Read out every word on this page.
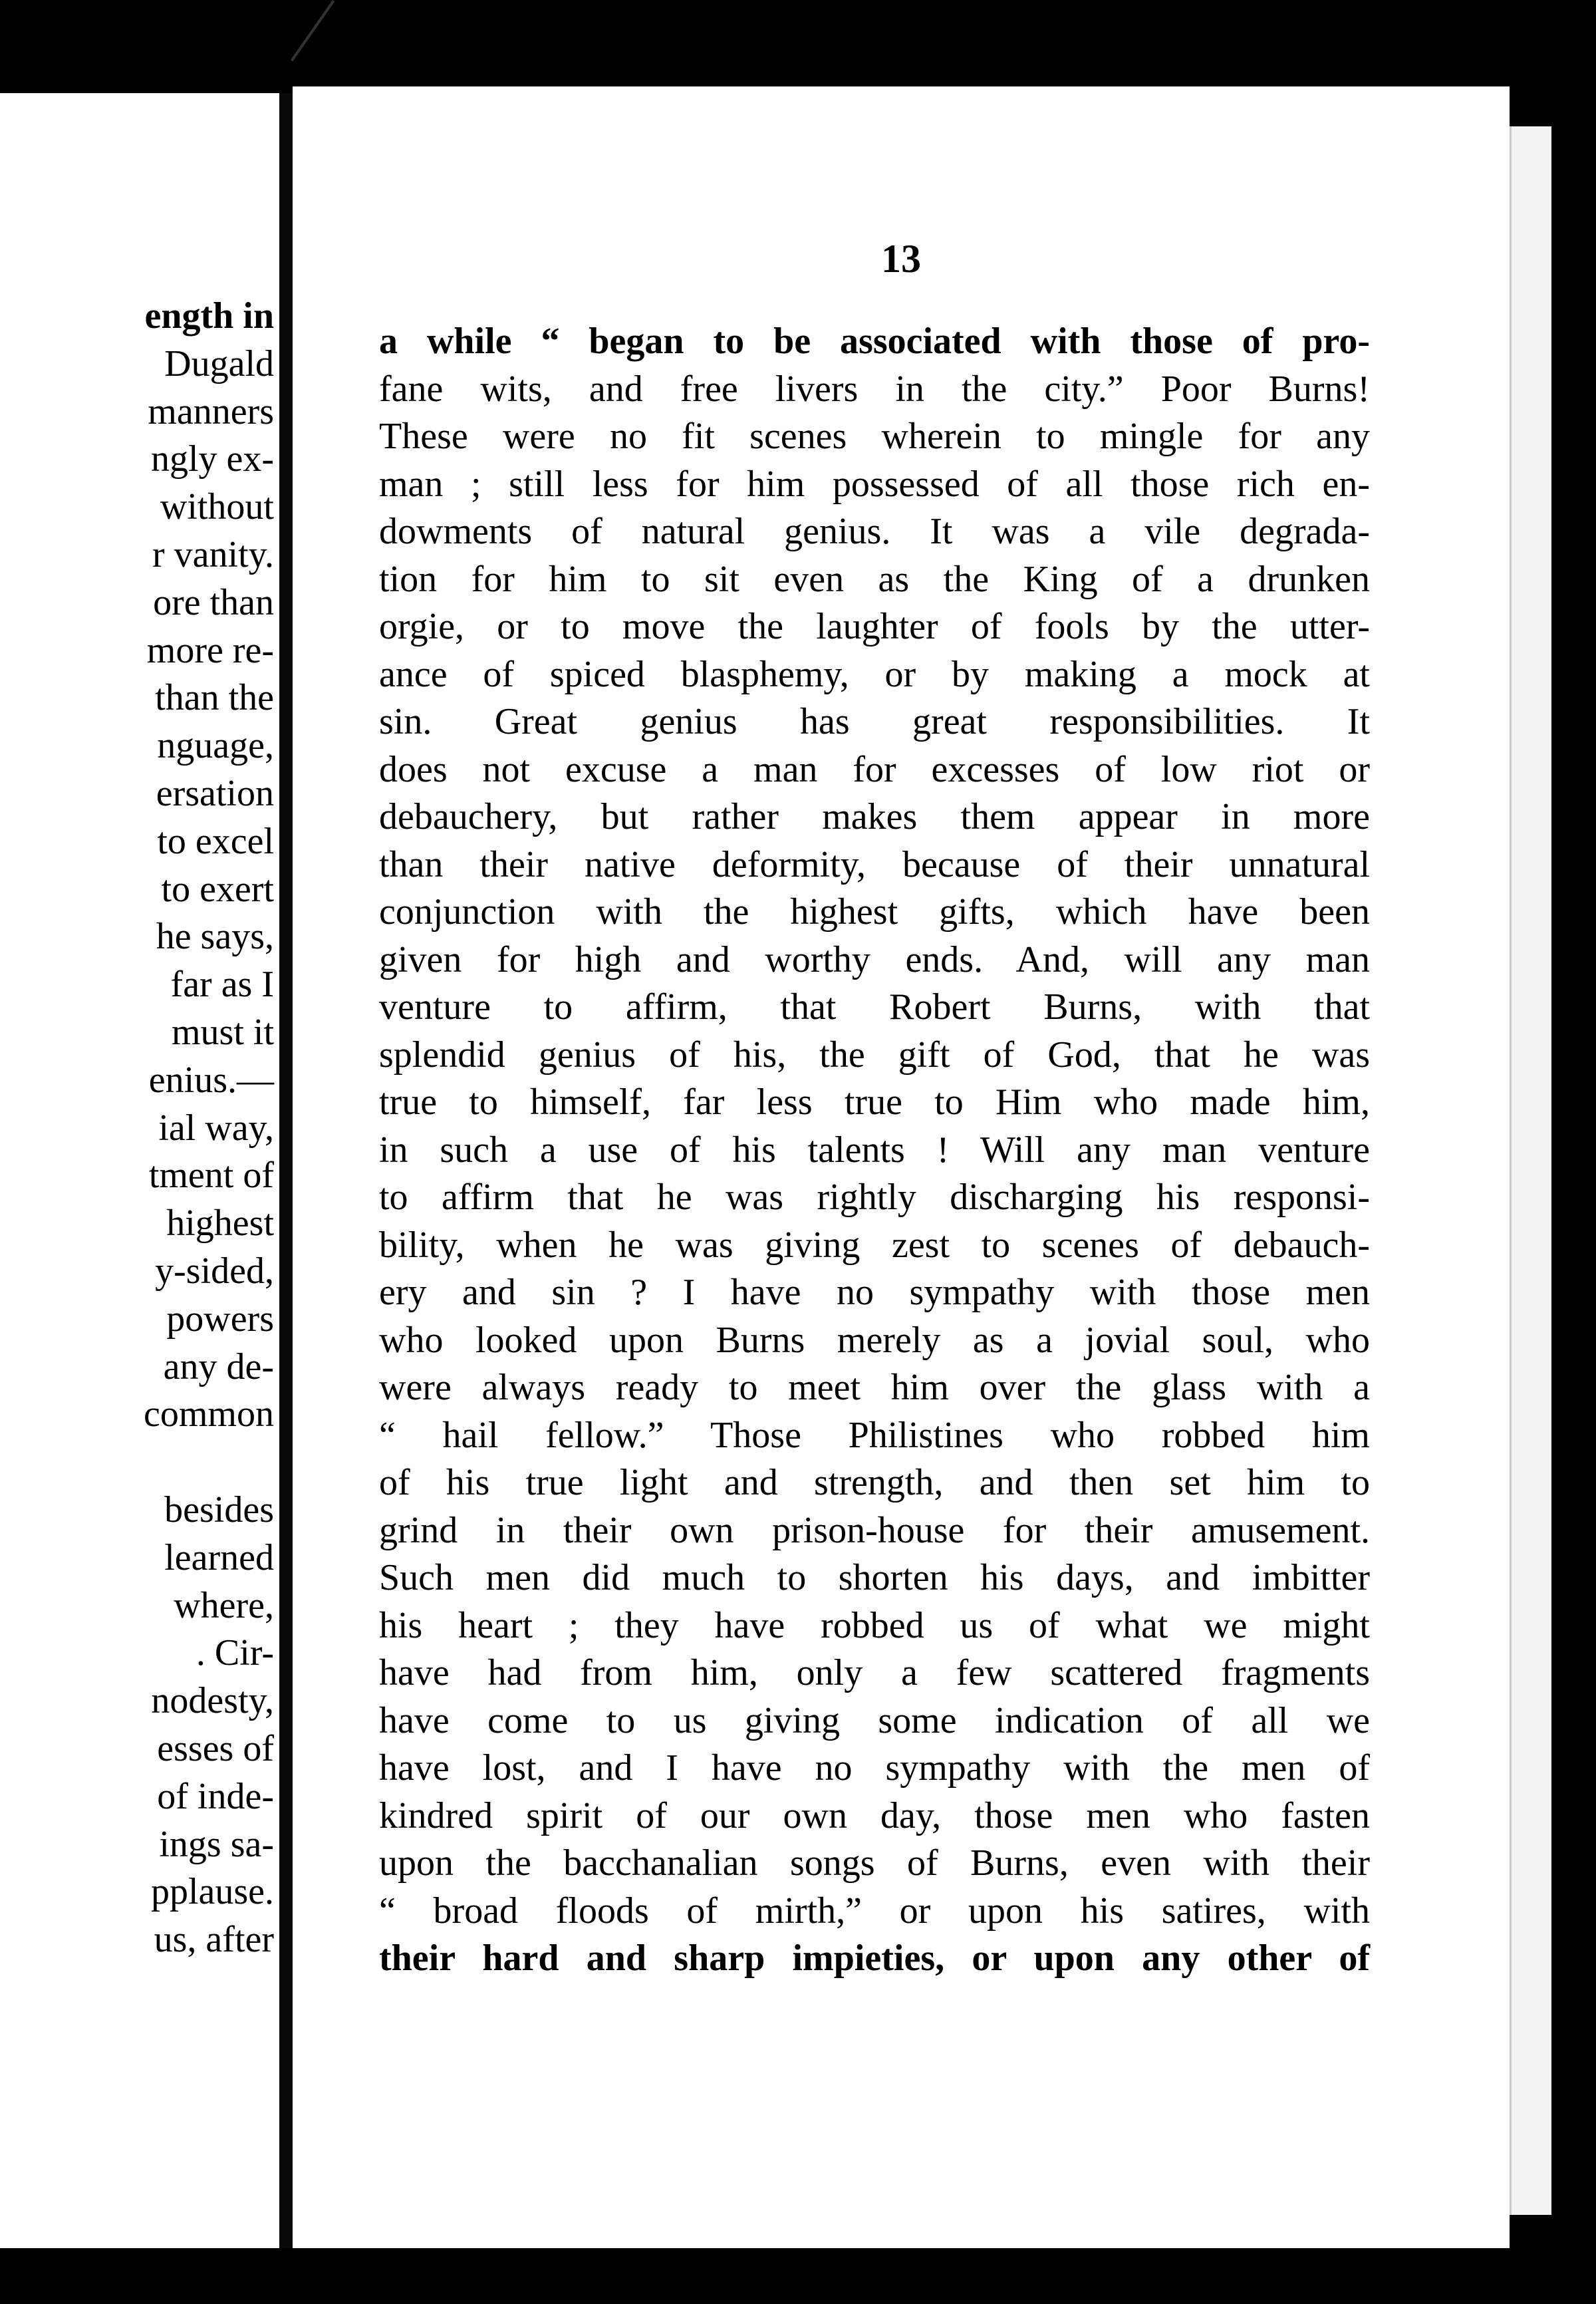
ength in
Dugald
manners
ngly ex-
without
r vanity.
ore than
more re-
than the
nguage,
ersation
to excel
to exert
he says,
far as I
must it
enius.—
ial way,
tment of
highest
y-sided,
powers
any de-
common

besides
learned
where,
. Cir-
nodesty,
esses of
of inde-
ings sa-
pplause.
us, after
13
a while “ began to be associated with those of pro-
fane wits, and free livers in the city.” Poor Burns!
These were no fit scenes wherein to mingle for any
man ; still less for him possessed of all those rich en-
dowments of natural genius. It was a vile degrada-
tion for him to sit even as the King of a drunken
orgie, or to move the laughter of fools by the utter-
ance of spiced blasphemy, or by making a mock at
sin. Great genius has great responsibilities. It
does not excuse a man for excesses of low riot or
debauchery, but rather makes them appear in more
than their native deformity, because of their unnatural
conjunction with the highest gifts, which have been
given for high and worthy ends. And, will any man
venture to affirm, that Robert Burns, with that
splendid genius of his, the gift of God, that he was
true to himself, far less true to Him who made him,
in such a use of his talents ! Will any man venture
to affirm that he was rightly discharging his responsi-
bility, when he was giving zest to scenes of debauch-
ery and sin ? I have no sympathy with those men
who looked upon Burns merely as a jovial soul, who
were always ready to meet him over the glass with a
“ hail fellow.” Those Philistines who robbed him
of his true light and strength, and then set him to
grind in their own prison-house for their amusement.
Such men did much to shorten his days, and imbitter
his heart ; they have robbed us of what we might
have had from him, only a few scattered fragments
have come to us giving some indication of all we
have lost, and I have no sympathy with the men of
kindred spirit of our own day, those men who fasten
upon the bacchanalian songs of Burns, even with their
“ broad floods of mirth,” or upon his satires, with
their hard and sharp impieties, or upon any other of
